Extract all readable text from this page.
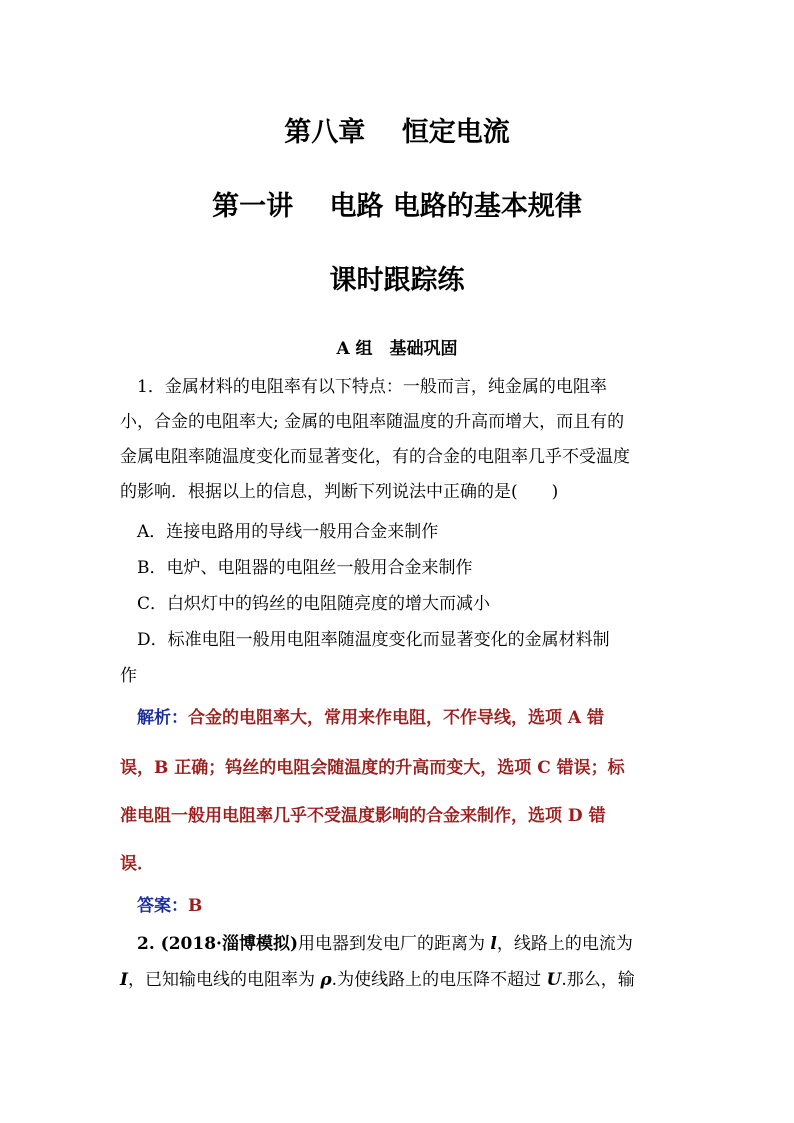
第八章　 恒定电流
第一讲　 电路 电路的基本规律
课时跟踪练
A 组　基础巩固
　1．金属材料的电阻率有以下特点：一般而言，纯金属的电阻率
小，合金的电阻率大; 金属的电阻率随温度的升高而增大，而且有的
金属电阻率随温度变化而显著变化，有的合金的电阻率几乎不受温度
的影响．根据以上的信息，判断下列说法中正确的是(　　)
　A．连接电路用的导线一般用合金来制作
　B．电炉、电阻器的电阻丝一般用合金来制作
　C．白炽灯中的钨丝的电阻随亮度的增大而减小
　D．标准电阻一般用电阻率随温度变化而显著变化的金属材料制
作
　解析：合金的电阻率大，常用来作电阻，不作导线，选项 A 错
误，B 正确；钨丝的电阻会随温度的升高而变大，选项 C 错误；标
准电阻一般用电阻率几乎不受温度影响的合金来制作，选项 D 错
误．
　答案：B
　2. (2018·淄博模拟)用电器到发电厂的距离为 l，线路上的电流为
I，已知输电线的电阻率为 ρ.为使线路上的电压降不超过 U.那么，输
